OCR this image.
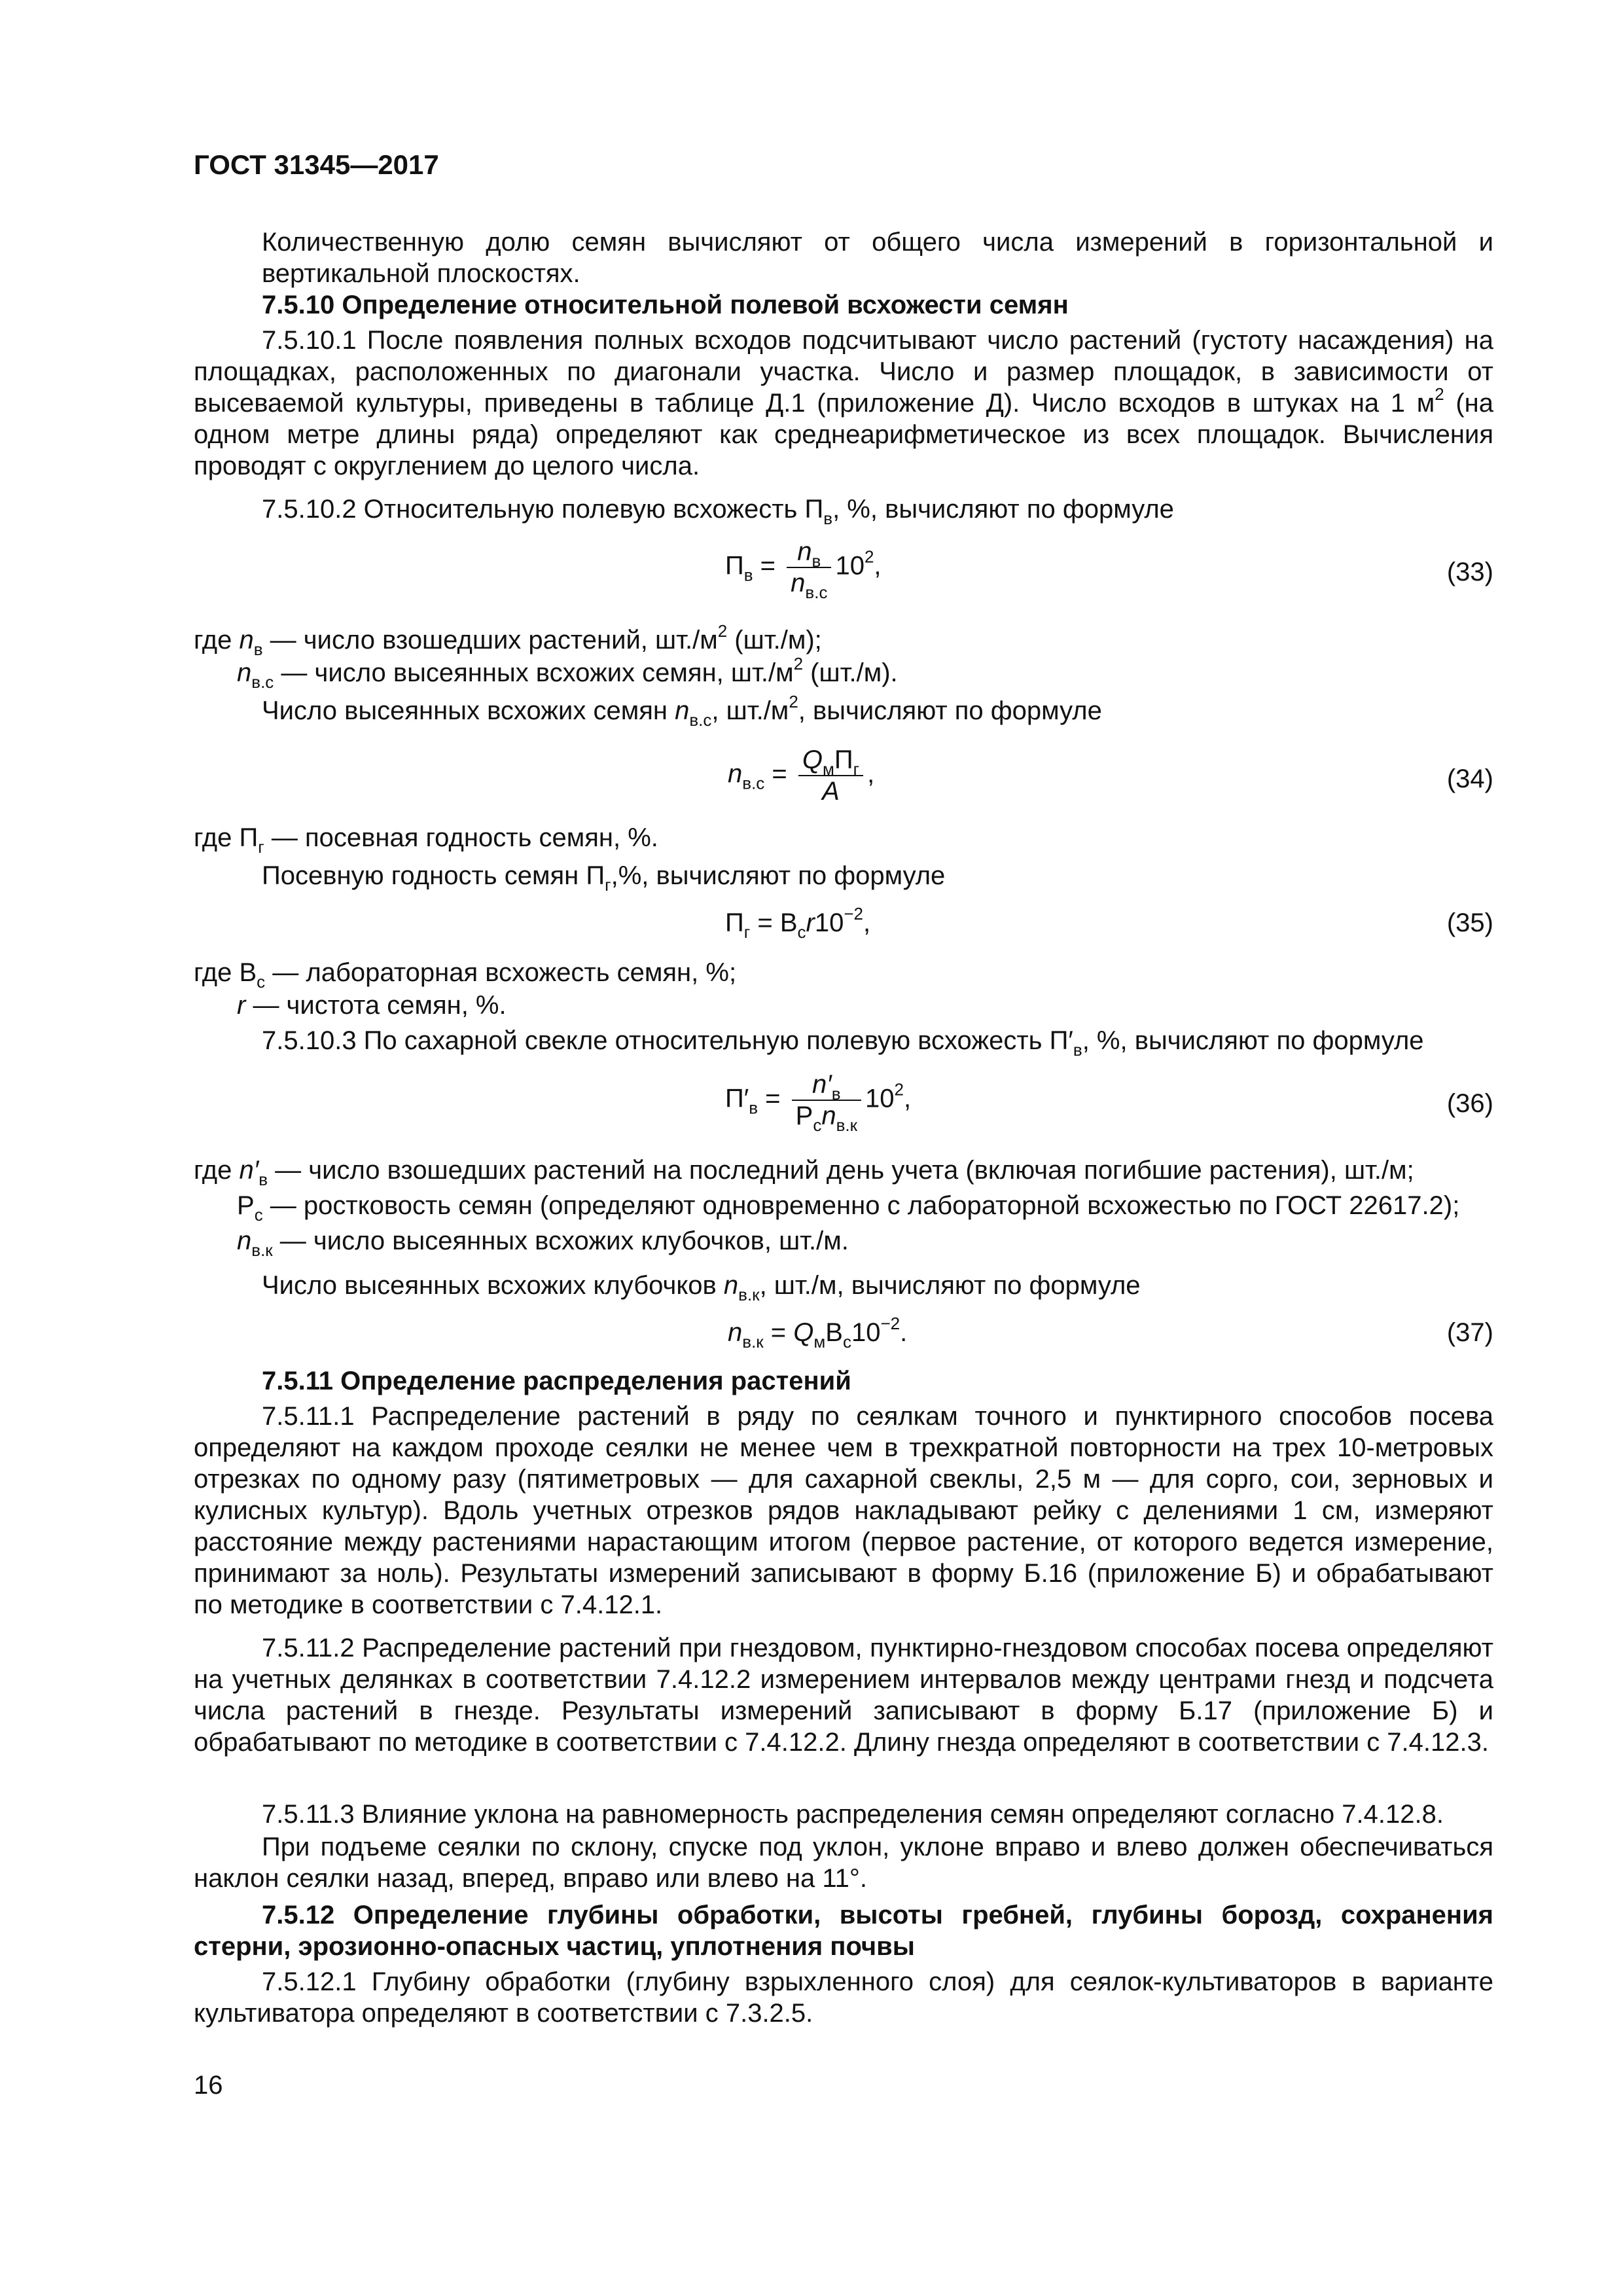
ГОСТ 31345—2017

Количественную долю семян вычисляют от общего числа измерений в горизонтальной и вертикальной плоскостях.

7.5.10 Определение относительной полевой всхожести семян

7.5.10.1 После появления полных всходов подсчитывают число растений (густоту насаждения) на площадках, расположенных по диагонали участка. Число и размер площадок, в зависимости от высеваемой культуры, приведены в таблице Д.1 (приложение Д). Число всходов в штуках на 1 $м^2$ (на одном метре длины ряда) определяют как среднеарифметическое из всех площадок. Вычисления проводят с округлением до целого числа.

7.5.10.2 Относительную полевую всхожесть $П_в$, %, вычисляют по формуле

$П_в = \frac{n_в}{n_{в.с}} 10^2$,	(33)

где $n_в$ — число взошедших растений, $шт./м^2$ (шт./м);

$n_{в.с}$ — число высеянных всхожих семян, $шт./м^2$ (шт./м).

Число высеянных всхожих семян $n_{в.с}$, $шт./м^2$, вычисляют по формуле

$n_{в.с} = \frac{Q_мП_г}{A}$ ,	(34)

где $П_г$ — посевная годность семян, %.

Посевную годность семян $П_г,\%$, вычисляют по формуле

$П_г = В_сr10^{-2}$,	(35)

где $В_с$ — лабораторная всхожесть семян, %;

r — чистота семян, %.

7.5.10.3 По сахарной свекле относительную полевую всхожесть $П'_в$, %, вычисляют по формуле

$П'_в = \frac{n'_в}{Р_сn_{в.к}} 10^2$,	(36)

где $n'_в$ — число взошедших растений на последний день учета (включая погибшие растения), шт./м;

$Р_с$ — ростковость семян (определяют одновременно с лабораторной всхожестью по ГОСТ 22617.2);

$n_{в.к}$ — число высеянных всхожих клубочков, шт./м.

Число высеянных всхожих клубочков $n_{в.к}$, шт./м, вычисляют по формуле

$n_{в.к} = Q_мВ_с10^{-2}$.	(37)
7.5.11 Определение распределения растений

7.5.11.1 Распределение растений в ряду по сеялкам точного и пунктирного способов посева определяют на каждом проходе сеялки не менее чем в трехкратной повторности на трех 10-метровых отрезках по одному разу (пятиметровых — для сахарной свеклы, 2,5 м — для сорго, сои, зерновых и кулисных культур). Вдоль учетных отрезков рядов накладывают рейку с делениями 1 см, измеряют расстояние между растениями нарастающим итогом (первое растение, от которого ведется измерение, принимают за ноль). Результаты измерений записывают в форму Б.16 (приложение Б) и обрабатывают по методике в соответствии с 7.4.12.1.

7.5.11.2 Распределение растений при гнездовом, пунктирно-гнездовом способах посева определяют на учетных делянках в соответствии 7.4.12.2 измерением интервалов между центрами гнезд и подсчета числа растений в гнезде. Результаты измерений записывают в форму Б.17 (приложение Б) и обрабатывают по методике в соответствии с 7.4.12.2. Длину гнезда определяют в соответствии с 7.4.12.3.

7.5.11.3 Влияние уклона на равномерность распределения семян определяют согласно 7.4.12.8.

При подъеме сеялки по склону, спуске под уклон, уклоне вправо и влево должен обеспечиваться наклон сеялки назад, вперед, вправо или влево на 11°.

7.5.12 Определение глубины обработки, высоты гребней, глубины борозд, сохранения стерни, эрозионно-опасных частиц, уплотнения почвы

7.5.12.1 Глубину обработки (глубину взрыхленного слоя) для сеялок-культиваторов в варианте культиватора определяют в соответствии с 7.3.2.5.

16
